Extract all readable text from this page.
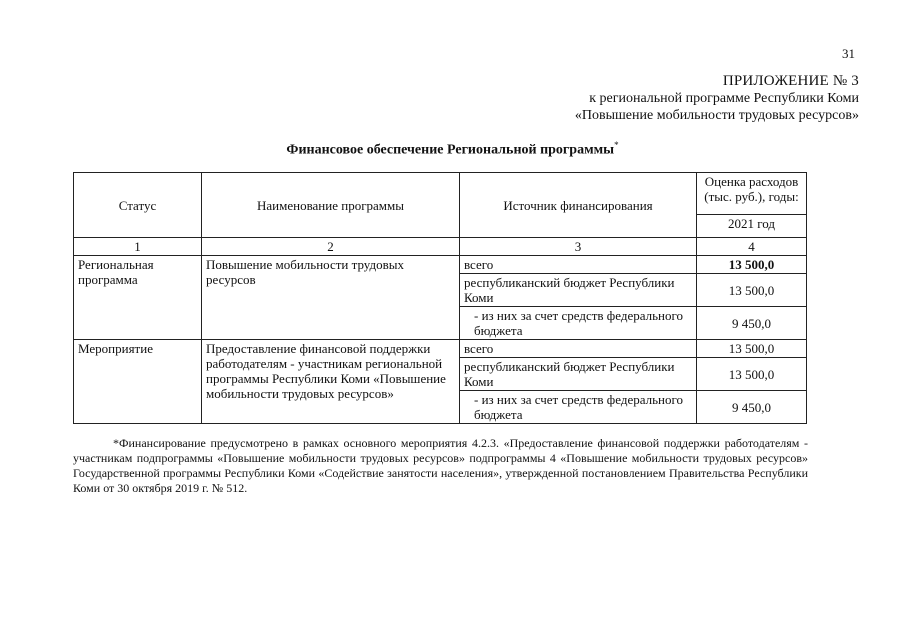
31
ПРИЛОЖЕНИЕ № 3
к региональной программе Республики Коми
«Повышение мобильности трудовых ресурсов»
Финансовое обеспечение Региональной программы*
Статус	Наименование программы	Источник финансирования	Оценка расходов (тыс. руб.), годы:
			2021 год
1	2	3	4
Региональная программа	Повышение мобильности трудовых ресурсов	всего	13 500,0
		республиканский бюджет Республики Коми	13 500,0
		- из них за счет средств федерального бюджета	9 450,0
Мероприятие	Предоставление финансовой поддержки работодателям - участникам региональной программы Республики Коми «Повышение мобильности трудовых ресурсов»	всего	13 500,0
		республиканский бюджет Республики Коми	13 500,0
		- из них за счет средств федерального бюджета	9 450,0

*Финансирование предусмотрено в рамках основного мероприятия 4.2.3. «Предоставление финансовой поддержки работодателям - участникам подпрограммы «Повышение мобильности трудовых ресурсов» подпрограммы 4 «Повышение мобильности трудовых ресурсов» Государственной программы Республики Коми «Содействие занятости населения», утвержденной постановлением Правительства Республики Коми от 30 октября 2019 г. № 512.
